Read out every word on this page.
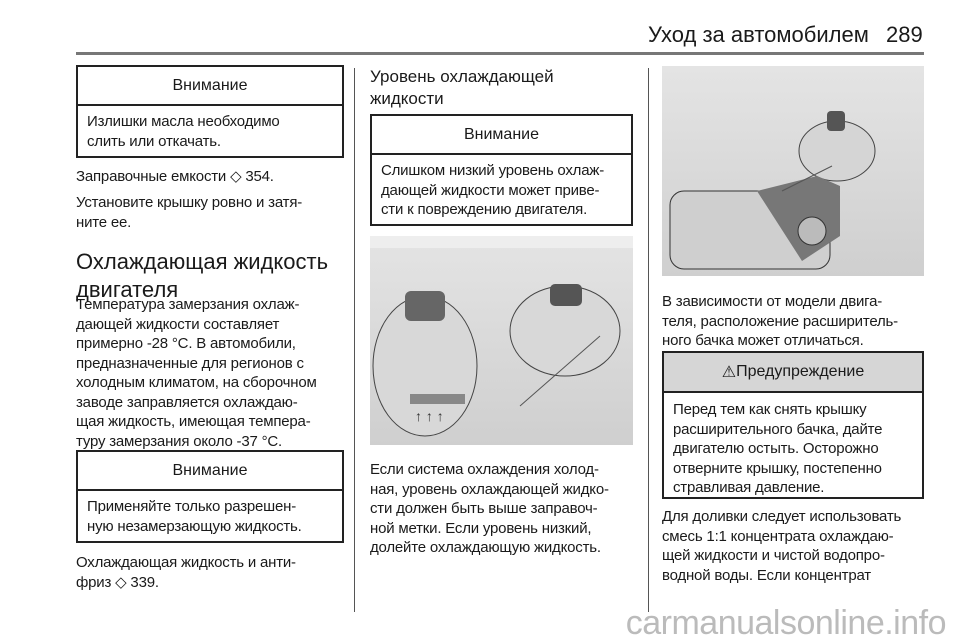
Уход за автомобилем 289
Внимание
Излишки масла необходимо
слить или откачать.
Заправочные емкости ◇ 354.
Установите крышку ровно и затя-
ните ее.
Охлаждающая жидкость
двигателя
Температура замерзания охлаж-
дающей жидкости составляет
примерно -28 °C. В автомобили,
предназначенные для регионов с
холодным климатом, на сборочном
заводе заправляется охлаждаю-
щая жидкость, имеющая темпера-
туру замерзания около -37 °C.
Внимание
Применяйте только разрешен-
ную незамерзающую жидкость.
Охлаждающая жидкость и анти-
фриз ◇ 339.
Уровень охлаждающей
жидкости
Внимание
Слишком низкий уровень охлаж-
дающей жидкости может приве-
сти к повреждению двигателя.
↑ ↑ ↑
Если система охлаждения холод-
ная, уровень охлаждающей жидко-
сти должен быть выше заправоч-
ной метки. Если уровень низкий,
долейте охлаждающую жидкость.
В зависимости от модели двига-
теля, расположение расширитель-
ного бачка может отличаться.
⚠ Предупреждение
Перед тем как снять крышку
расширительного бачка, дайте
двигателю остыть. Осторожно
отверните крышку, постепенно
стравливая давление.
Для доливки следует использовать
смесь 1:1 концентрата охлаждаю-
щей жидкости и чистой водопро-
водной воды. Если концентрат
carmanualsonline.info
